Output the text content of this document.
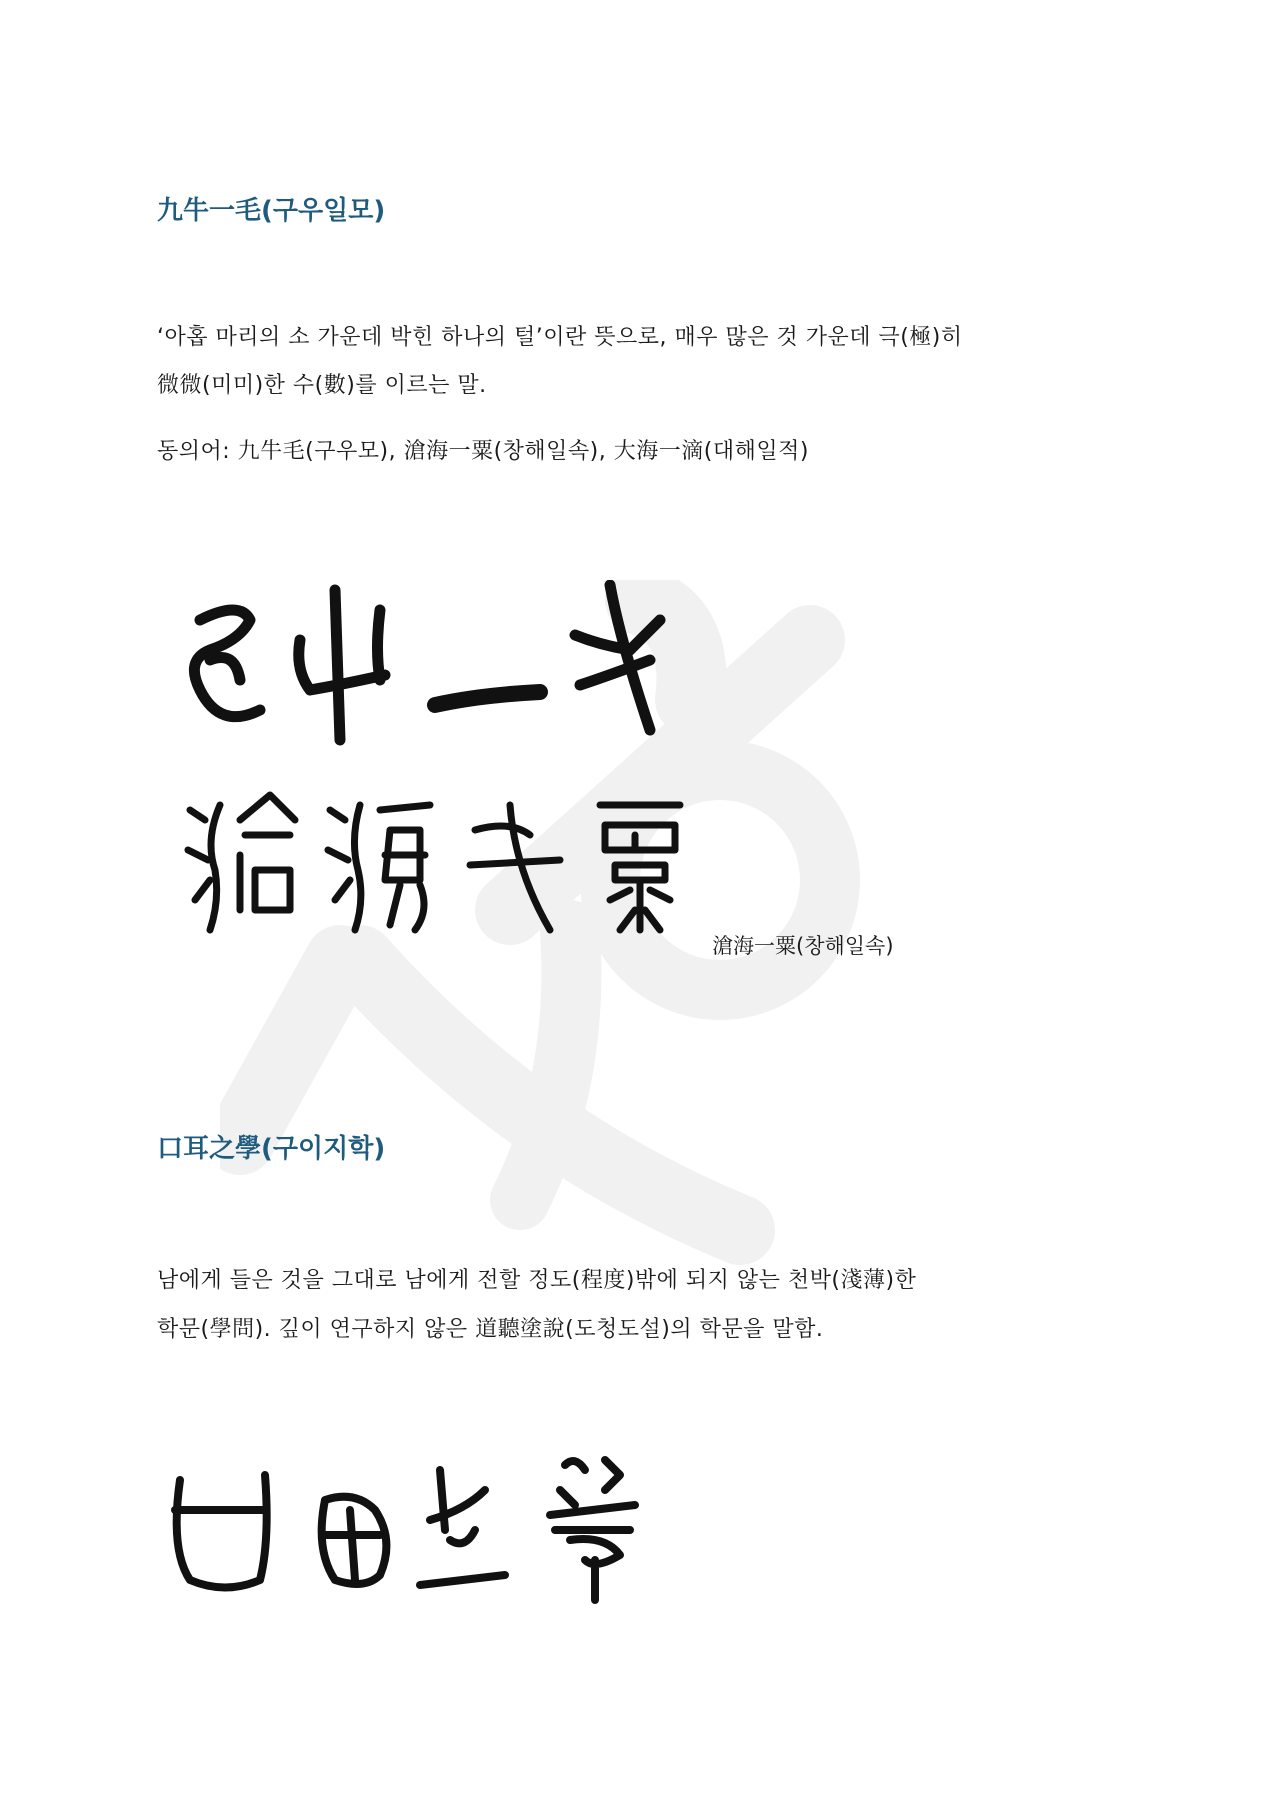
九牛一毛(구우일모)

‘아홉 마리의 소 가운데 박힌 하나의 털’이란 뜻으로, 매우 많은 것 가운데 극(極)히

微微(미미)한 수(數)를 이르는 말.

동의어: 九牛毛(구우모), 滄海一粟(창해일속), 大海一滴(대해일적)

滄海一粟(창해일속)
口耳之學(구이지학)

남에게 들은 것을 그대로 남에게 전할 정도(程度)밖에 되지 않는 천박(淺薄)한

학문(學問). 깊이 연구하지 않은 道聽塗說(도청도설)의 학문을 말함.
